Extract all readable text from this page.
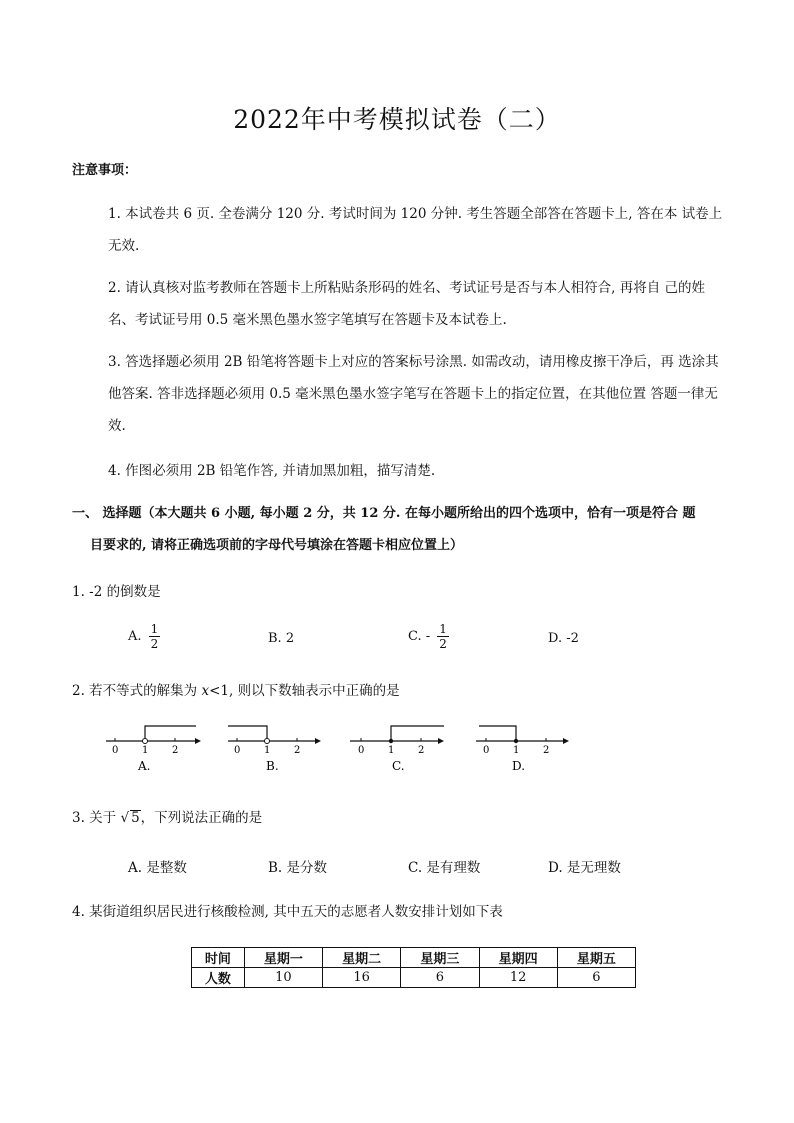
2022年中考模拟试卷（二）
注意事项：
1. 本试卷共 6 页. 全卷满分 120 分. 考试时间为 120 分钟. 考生答题全部答在答题卡上, 答在本 试卷上无效.
2. 请认真核对监考教师在答题卡上所粘贴条形码的姓名、考试证号是否与本人相符合, 再将自 己的姓名、考试证号用 0.5 毫米黑色墨水签字笔填写在答题卡及本试卷上.
3. 答选择题必须用 2B 铅笔将答题卡上对应的答案标号涂黑. 如需改动，请用橡皮擦干净后，再 选涂其他答案. 答非选择题必须用 0.5 毫米黑色墨水签字笔写在答题卡上的指定位置，在其他位置 答题一律无效.
4. 作图必须用 2B 铅笔作答, 并请加黑加粗，描写清楚.
一、 选择题（本大题共 6 小题, 每小题 2 分，共 12 分. 在每小题所给出的四个选项中，恰有一项是符合 题
目要求的, 请将正确选项前的字母代号填涂在答题卡相应位置上）
1. -2 的倒数是
A. $\frac{1}{2}$	B. 2	C. - $\frac{1}{2}$	D. -2
2. 若不等式的解集为 x<1, 则以下数轴表示中正确的是
0 1 2
A.
0 1 2
B.
0 1 2
C.
0 1 2
D.
3. 关于 √ 5，下列说法正确的是
A. 是整数	B. 是分数	C. 是有理数	D. 是无理数
4. 某街道组织居民进行核酸检测, 其中五天的志愿者人数安排计划如下表
时间	星期一	星期二	星期三	星期四	星期五
人数	10	16	6	12	6
